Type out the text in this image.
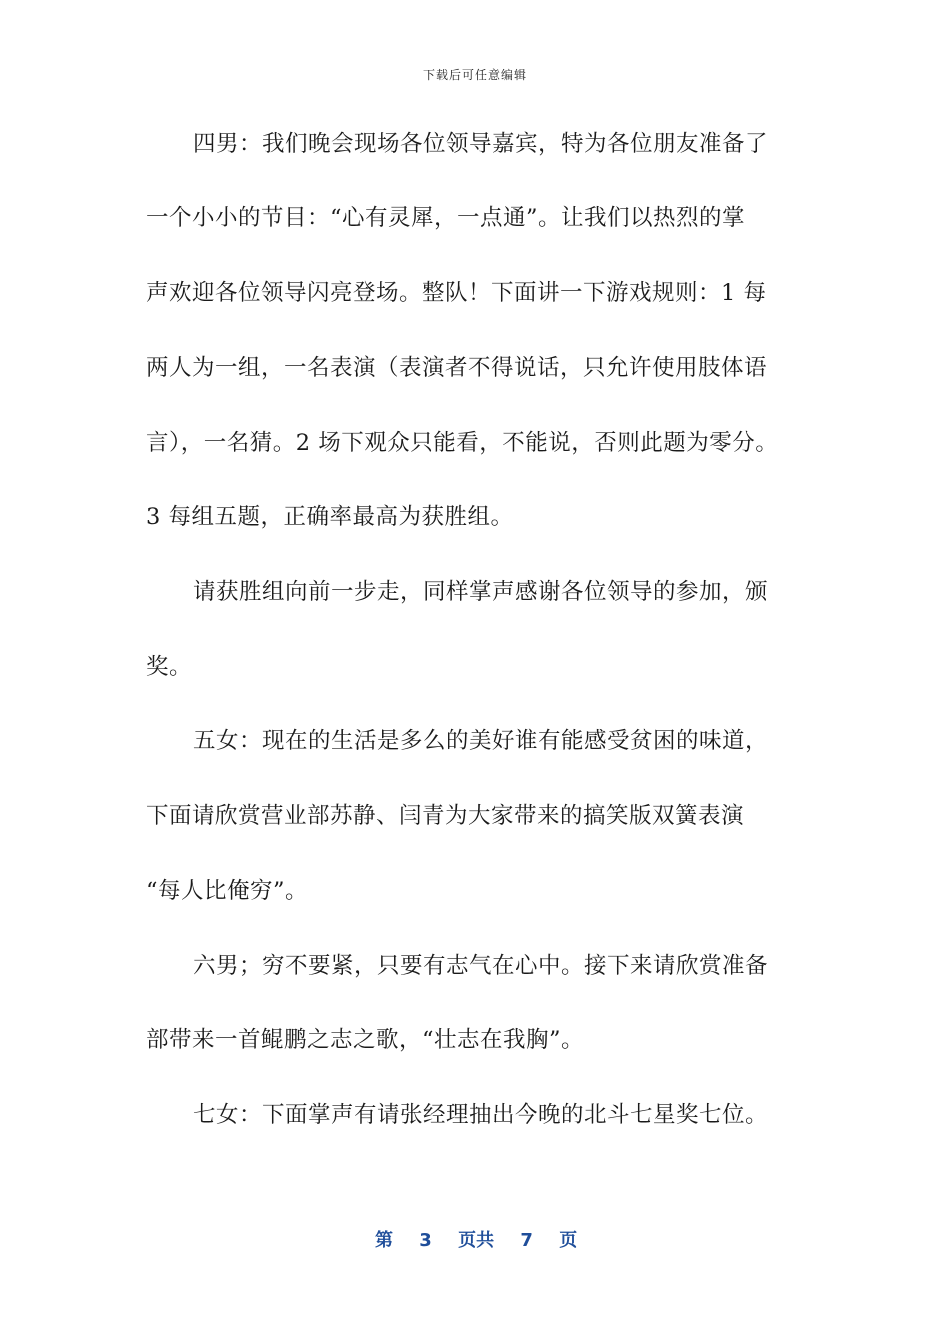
下载后可任意编辑
四男：我们晚会现场各位领导嘉宾，特为各位朋友准备了
一个小小的节目：“心有灵犀，一点通”。让我们以热烈的掌
声欢迎各位领导闪亮登场。整队！下面讲一下游戏规则：1 每
两人为一组，一名表演（表演者不得说话，只允许使用肢体语
言），一名猜。2 场下观众只能看，不能说，否则此题为零分。
3 每组五题，正确率最高为获胜组。
请获胜组向前一步走，同样掌声感谢各位领导的参加，颁
奖。
五女：现在的生活是多么的美好谁有能感受贫困的味道，
下面请欣赏营业部苏静、闫青为大家带来的搞笑版双簧表演
“每人比俺穷”。
六男；穷不要紧，只要有志气在心中。接下来请欣赏准备
部带来一首鲲鹏之志之歌，“壮志在我胸”。
七女：下面掌声有请张经理抽出今晚的北斗七星奖七位。
第 3 页共 7 页
